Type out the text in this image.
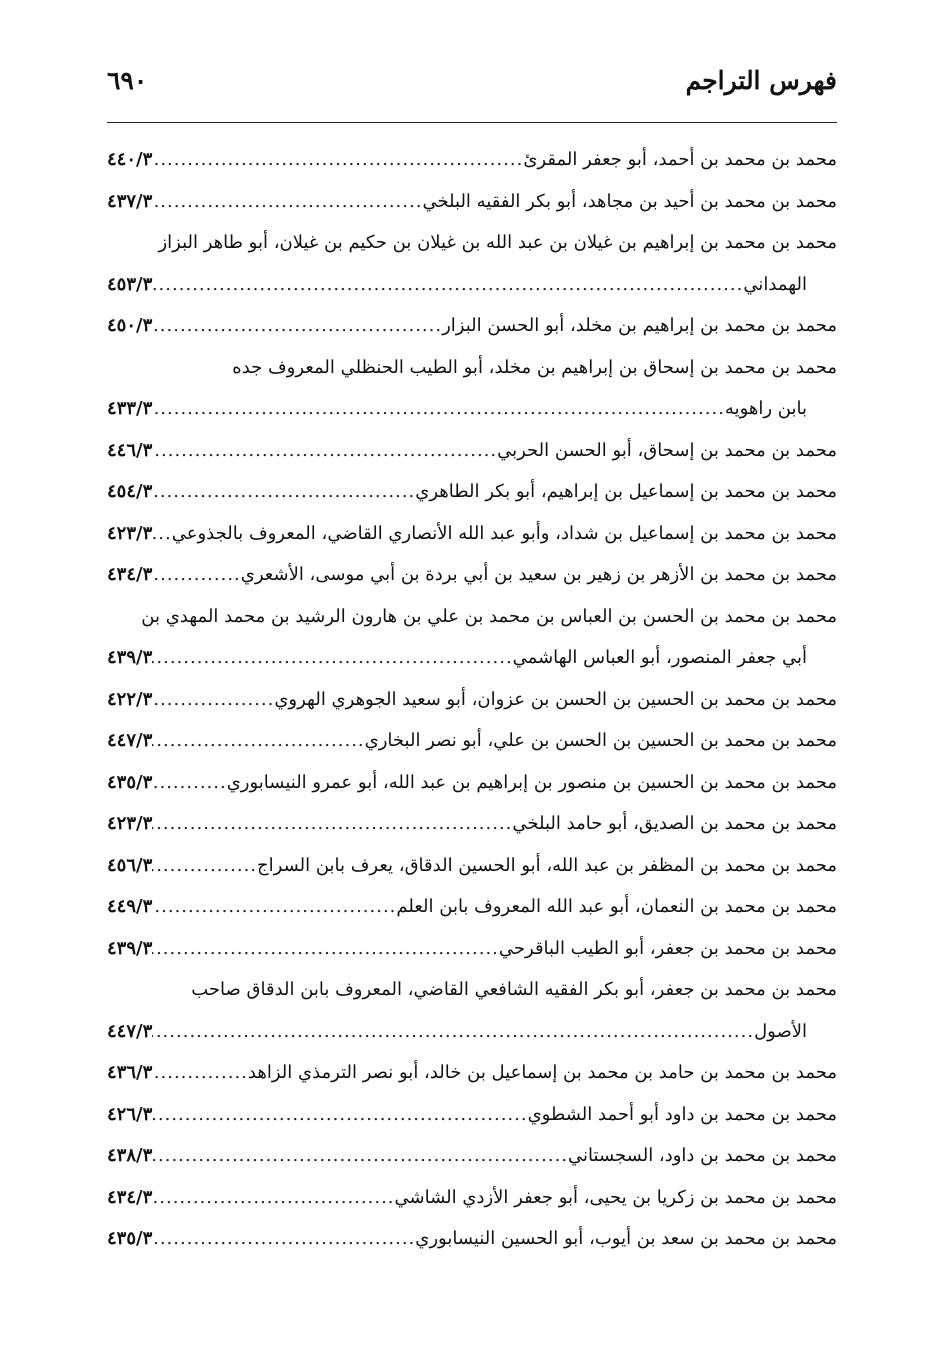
فهرس التراجم
٦٩٠
محمد بن محمد بن أحمد، أبو جعفر المقرئ
.....
٤٤٠/٣
محمد بن محمد بن أحيد بن مجاهد، أبو بكر الفقيه البلخي
.....
٤٣٧/٣
محمد بن محمد بن إبراهيم بن غيلان بن عبد الله بن غيلان بن حكيم بن غيلان، أبو طاهر البزاز
الهمداني
.....
٤٥٣/٣
محمد بن محمد بن إبراهيم بن مخلد، أبو الحسن البزار
.....
٤٥٠/٣
محمد بن محمد بن إسحاق بن إبراهيم بن مخلد، أبو الطيب الحنظلي المعروف جده
بابن راهويه
.....
٤٣٣/٣
محمد بن محمد بن إسحاق، أبو الحسن الحربي
.....
٤٤٦/٣
محمد بن محمد بن إسماعيل بن إبراهيم، أبو بكر الطاهري
.....
٤٥٤/٣
محمد بن محمد بن إسماعيل بن شداد، وأبو عبد الله الأنصاري القاضي، المعروف بالجذوعي
.....
٤٢٣/٣
محمد بن محمد بن الأزهر بن زهير بن سعيد بن أبي بردة بن أبي موسى، الأشعري
.....
٤٣٤/٣
محمد بن محمد بن الحسن بن العباس بن محمد بن علي بن هارون الرشيد بن محمد المهدي بن
أبي جعفر المنصور، أبو العباس الهاشمي
.....
٤٣٩/٣
محمد بن محمد بن الحسين بن الحسن بن عزوان، أبو سعيد الجوهري الهروي
.....
٤٢٢/٣
محمد بن محمد بن الحسين بن الحسن بن علي، أبو نصر البخاري
.....
٤٤٧/٣
محمد بن محمد بن الحسين بن منصور بن إبراهيم بن عبد الله، أبو عمرو النيسابوري
.....
٤٣٥/٣
محمد بن محمد بن الصديق، أبو حامد البلخي
.....
٤٢٣/٣
محمد بن محمد بن المظفر بن عبد الله، أبو الحسين الدقاق، يعرف بابن السراج
.....
٤٥٦/٣
محمد بن محمد بن النعمان، أبو عبد الله المعروف بابن العلم
.....
٤٤٩/٣
محمد بن محمد بن جعفر، أبو الطيب الباقرحي
.....
٤٣٩/٣
محمد بن محمد بن جعفر، أبو بكر الفقيه الشافعي القاضي، المعروف بابن الدقاق صاحب
الأصول
.....
٤٤٧/٣
محمد بن محمد بن حامد بن محمد بن إسماعيل بن خالد، أبو نصر الترمذي الزاهد
.....
٤٣٦/٣
محمد بن محمد بن داود أبو أحمد الشطوي
.....
٤٢٦/٣
محمد بن محمد بن داود، السجستاني
.....
٤٣٨/٣
محمد بن محمد بن زكريا بن يحيى، أبو جعفر الأزدي الشاشي
.....
٤٣٤/٣
محمد بن محمد بن سعد بن أيوب، أبو الحسين النيسابوري
.....
٤٣٥/٣
